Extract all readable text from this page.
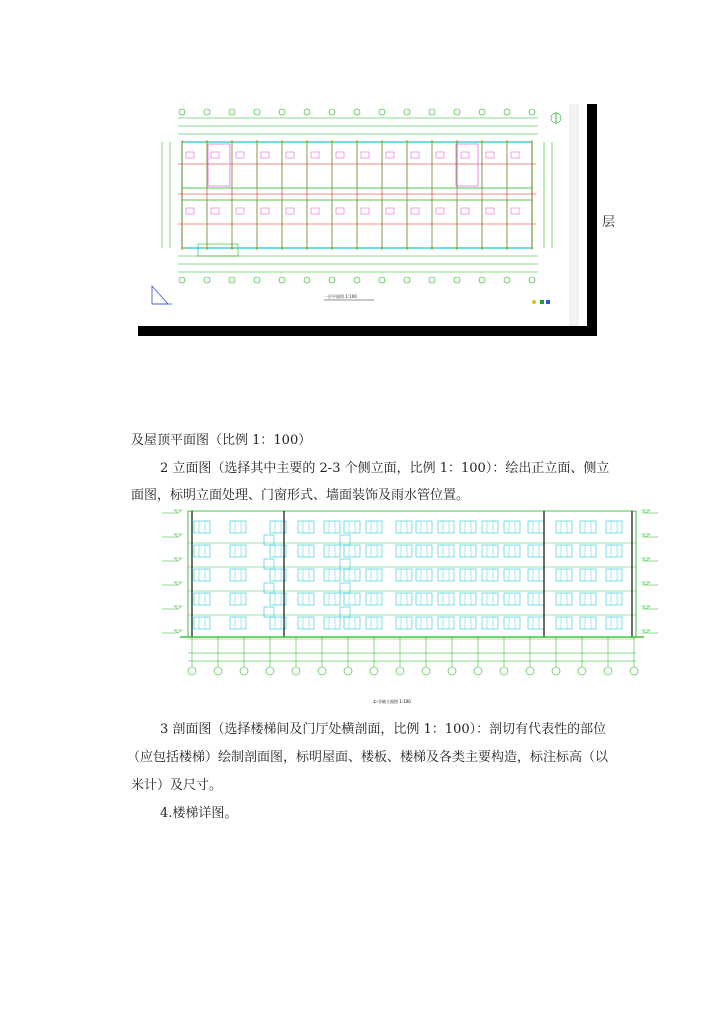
一层平面图 1:100
层
及屋顶平面图（比例 1：100）
2 立面图（选择其中主要的 2-3 个侧立面，比例 1：100）：绘出正立面、侧立
面图，标明立面处理、门窗形式、墙面装饰及雨水管位置。
①-⑬轴立面图 1:100
3 剖面图（选择楼梯间及门厅处横剖面，比例 1：100）：剖切有代表性的部位
（应包括楼梯）绘制剖面图，标明屋面、楼板、楼梯及各类主要构造，标注标高（以
米计）及尺寸。
4.楼梯详图。
